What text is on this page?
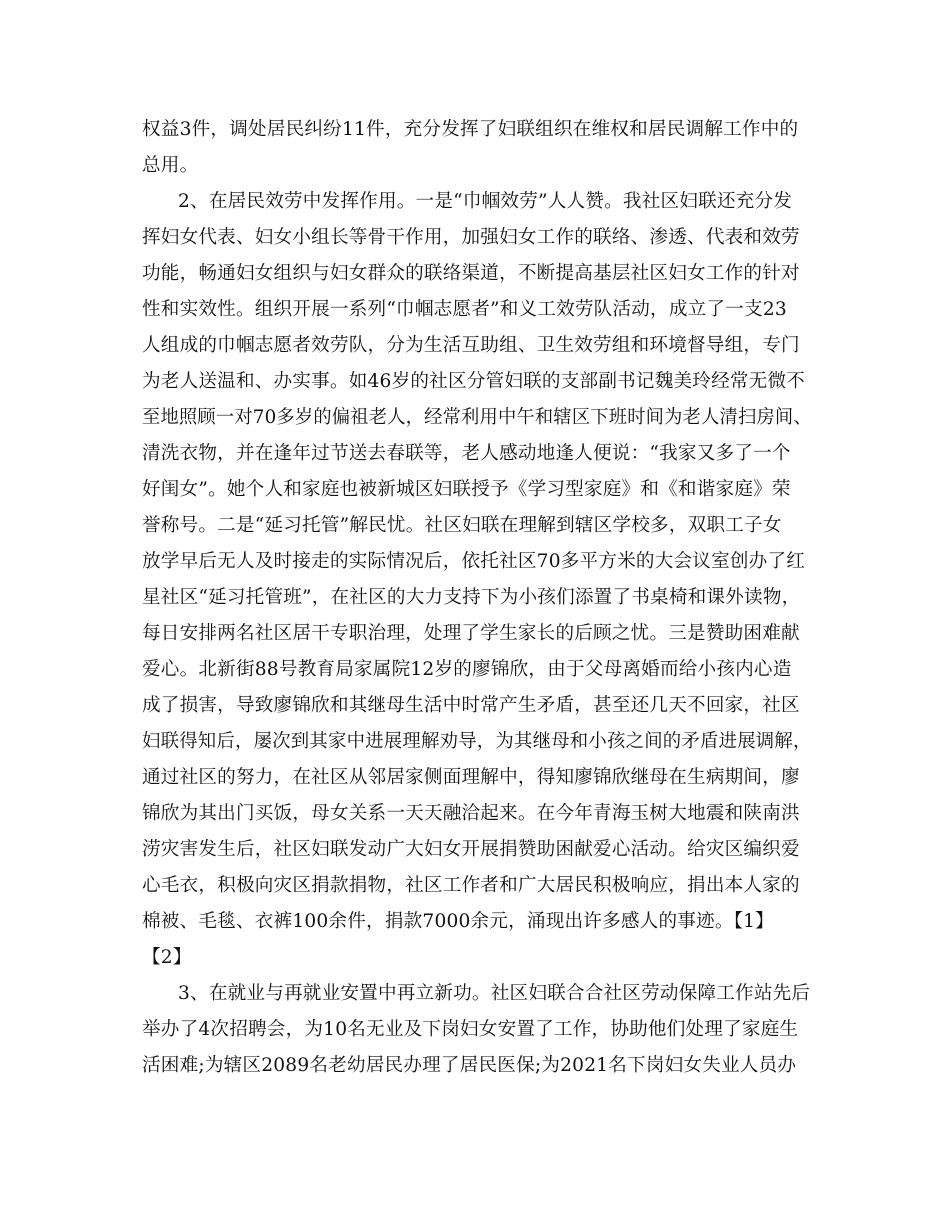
权益3件，调处居民纠纷11件，充分发挥了妇联组织在维权和居民调解工作中的
总用。
2、在居民效劳中发挥作用。一是“巾帼效劳”人人赞。我社区妇联还充分发
挥妇女代表、妇女小组长等骨干作用，加强妇女工作的联络、渗透、代表和效劳
功能，畅通妇女组织与妇女群众的联络渠道，不断提高基层社区妇女工作的针对
性和实效性。组织开展一系列“巾帼志愿者”和义工效劳队活动，成立了一支23
人组成的巾帼志愿者效劳队，分为生活互助组、卫生效劳组和环境督导组，专门
为老人送温和、办实事。如46岁的社区分管妇联的支部副书记魏美玲经常无微不
至地照顾一对70多岁的偏祖老人，经常利用中午和辖区下班时间为老人清扫房间、
清洗衣物，并在逢年过节送去春联等，老人感动地逢人便说：“我家又多了一个
好闺女”。她个人和家庭也被新城区妇联授予《学习型家庭》和《和谐家庭》荣
誉称号。二是“延习托管”解民忧。社区妇联在理解到辖区学校多，双职工子女
放学早后无人及时接走的实际情况后，依托社区70多平方米的大会议室创办了红
星社区“延习托管班”，在社区的大力支持下为小孩们添置了书桌椅和课外读物，
每日安排两名社区居干专职治理，处理了学生家长的后顾之忧。三是赞助困难献
爱心。北新街88号教育局家属院12岁的廖锦欣，由于父母离婚而给小孩内心造
成了损害，导致廖锦欣和其继母生活中时常产生矛盾，甚至还几天不回家，社区
妇联得知后，屡次到其家中进展理解劝导，为其继母和小孩之间的矛盾进展调解，
通过社区的努力，在社区从邻居家侧面理解中，得知廖锦欣继母在生病期间，廖
锦欣为其出门买饭，母女关系一天天融洽起来。在今年青海玉树大地震和陕南洪
涝灾害发生后，社区妇联发动广大妇女开展捐赞助困献爱心活动。给灾区编织爱
心毛衣，积极向灾区捐款捐物，社区工作者和广大居民积极响应，捐出本人家的
棉被、毛毯、衣裤100余件，捐款7000余元，涌现出许多感人的事迹。【1】
【2】
3、在就业与再就业安置中再立新功。社区妇联合合社区劳动保障工作站先后
举办了4次招聘会，为10名无业及下岗妇女安置了工作，协助他们处理了家庭生
活困难;为辖区2089名老幼居民办理了居民医保;为2021名下岗妇女失业人员办
